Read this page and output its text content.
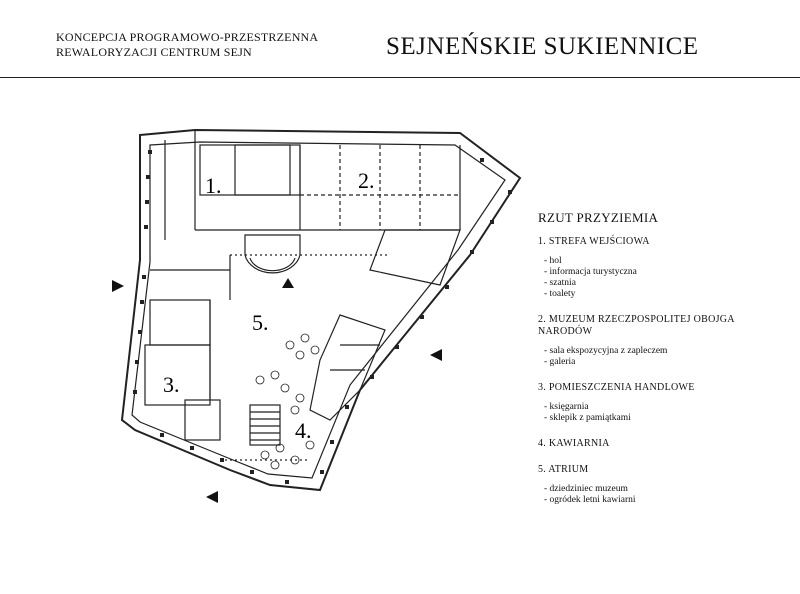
KONCEPCJA PROGRAMOWO-PRZESTRZENNA
REWALORYZACJI CENTRUM SEJN	SEJNEŃSKIE SUKIENNICE
1.	2.
3.
4.
5.
RZUT PRZYZIEMIA
1. STREFA WEJŚCIOWA
- hol
- informacja turystyczna
- szatnia
- toalety
2. MUZEUM RZECZPOSPOLITEJ OBOJGA NARODÓW
- sala ekspozycyjna z zapleczem
- galeria
3. POMIESZCZENIA HANDLOWE
- księgarnia
- sklepik z pamiątkami
4. KAWIARNIA
5. ATRIUM
- dziedziniec muzeum
- ogródek letni kawiarni
